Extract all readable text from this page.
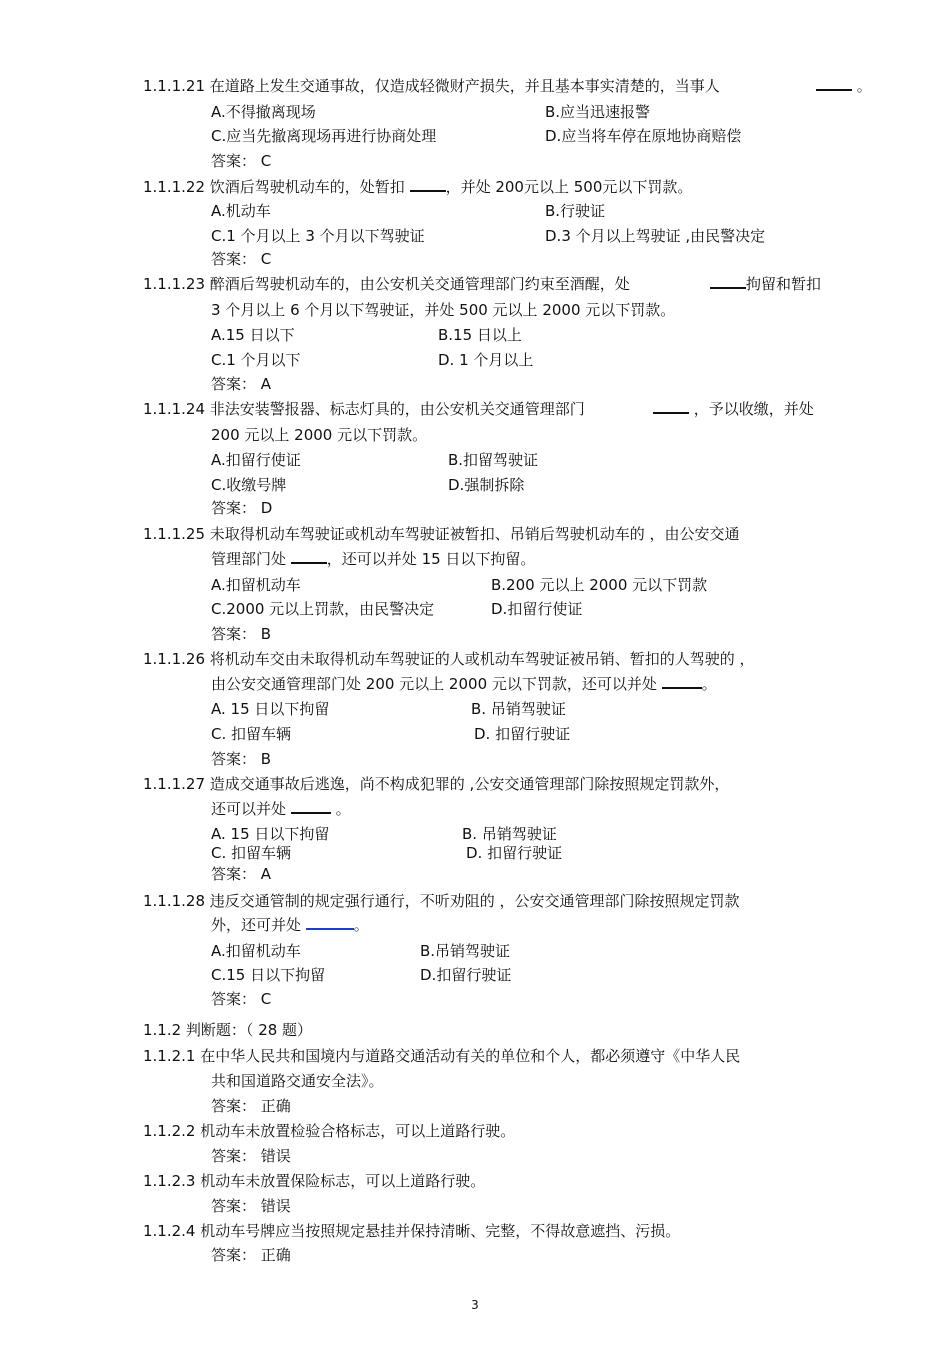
1.1.1.21 在道路上发生交通事故，仅造成轻微财产损失，并且基本事实清楚的，当事人	。
A.不得撤离现场	B.应当迅速报警
C.应当先撤离现场再进行协商处理	D.应当将车停在原地协商赔偿
答案： C
1.1.1.22 饮酒后驾驶机动车的，处暂扣	，并处 200元以上 500元以下罚款。
A.机动车	B.行驶证
C.1 个月以上 3 个月以下驾驶证	D.3 个月以上驾驶证 ,由民警决定
答案： C
1.1.1.23 醉酒后驾驶机动车的，由公安机关交通管理部门约束至酒醒，处	拘留和暂扣
3 个月以上 6 个月以下驾驶证，并处 500 元以上 2000 元以下罚款。
A.15 日以下	B.15 日以上
C.1 个月以下	D. 1 个月以上
答案： A
1.1.1.24 非法安装警报器、标志灯具的，由公安机关交通管理部门	，予以收缴，并处
200 元以上 2000 元以下罚款。
A.扣留行使证	B.扣留驾驶证
C.收缴号牌	D.强制拆除
答案： D
1.1.1.25 未取得机动车驾驶证或机动车驾驶证被暂扣、吊销后驾驶机动车的 ，由公安交通
管理部门处	，还可以并处 15 日以下拘留。
A.扣留机动车	B.200 元以上 2000 元以下罚款
C.2000 元以上罚款，由民警决定	D.扣留行使证
答案： B
1.1.1.26 将机动车交由未取得机动车驾驶证的人或机动车驾驶证被吊销、暂扣的人驾驶的 ，
由公安交通管理部门处 200 元以上 2000 元以下罚款，还可以并处	。
A. 15 日以下拘留	B. 吊销驾驶证
C. 扣留车辆	D. 扣留行驶证
答案： B
1.1.1.27 造成交通事故后逃逸，尚不构成犯罪的 ,公安交通管理部门除按照规定罚款外，
还可以并处	。
A. 15 日以下拘留	B. 吊销驾驶证
C. 扣留车辆	D. 扣留行驶证
答案： A
1.1.1.28 违反交通管制的规定强行通行，不听劝阻的 ，公安交通管理部门除按照规定罚款
外，还可并处	。
A.扣留机动车	B.吊销驾驶证
C.15 日以下拘留	D.扣留行驶证
答案： C
1.1.2 判断题：（ 28 题）
1.1.2.1 在中华人民共和国境内与道路交通活动有关的单位和个人，都必须遵守《中华人民
共和国道路交通安全法》。
答案： 正确
1.1.2.2 机动车未放置检验合格标志，可以上道路行驶。
答案： 错误
1.1.2.3 机动车未放置保险标志，可以上道路行驶。
答案： 错误
1.1.2.4 机动车号牌应当按照规定悬挂并保持清晰、完整，不得故意遮挡、污损。
答案： 正确
3
